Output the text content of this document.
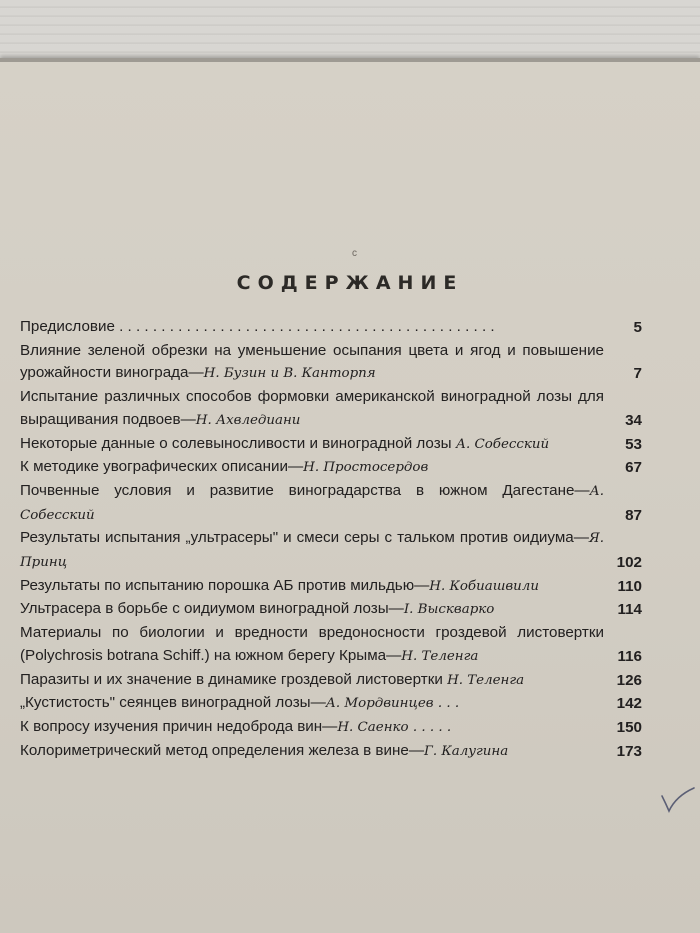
ᴄ
СОДЕРЖАНИЕ
Предисловие . . . . . . . . . . . . . . . . . . . . . . . . . . . . . . . . . . . . . . . . . . . . .	5
Влияние зеленой обрезки на уменьшение осыпания цвета и ягод и повышение урожайности винограда—Н. Бузин и В. Канторпя	7
Испытание различных способов формовки американской виноградной лозы для выращивания подвоев—Н. Ахвледиани	34
Некоторые данные о солевыносливости и виноградной лозы А. Собесский	53
К методике увографических описании—Н. Простосердов	67
Почвенные условия и развитие виноградарства в южном Дагестане—А. Собесский	87
Результаты испытания „ультрасеры" и смеси серы с тальком против оидиума—Я. Принц	102
Результаты по испытанию порошка АБ против мильдью—Н. Кобиашвили	110
Ультрасера в борьбе с оидиумом виноградной лозы—І. Выскварко	114
Материалы по биологии и вредности вредоносности гроздевой листовертки (Polychrosis botrana Schiff.) на южном берегу Крыма—Н. Теленга	116
Паразиты и их значение в динамике гроздевой листовертки Н. Теленга	126
„Кустистость" сеянцев виноградной лозы—А. Мордвинцев . . .	142
К вопросу изучения причин недоброда вин—Н. Саенко . . . . .	150
Колориметрический метод определения железа в вине—Г. Калугина	173
